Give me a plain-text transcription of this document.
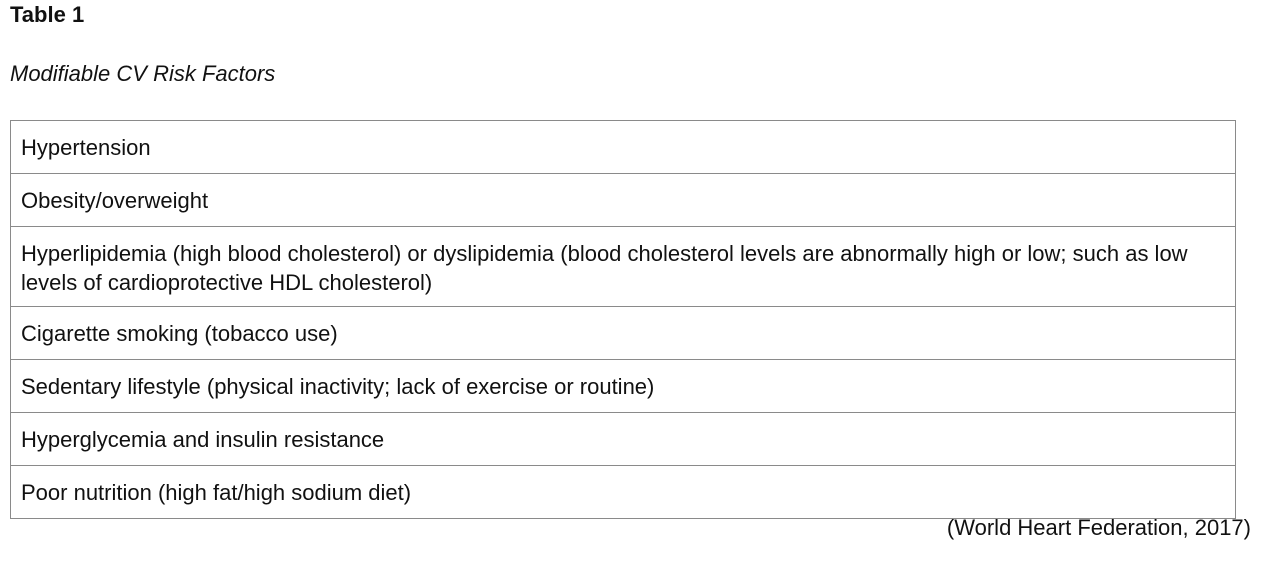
Table 1
Modifiable CV Risk Factors
Hypertension
Obesity/overweight
Hyperlipidemia (high blood cholesterol) or dyslipidemia (blood cholesterol levels are abnormally high or low; such as low levels of cardioprotective HDL cholesterol)
Cigarette smoking (tobacco use)
Sedentary lifestyle (physical inactivity; lack of exercise or routine)
Hyperglycemia and insulin resistance
Poor nutrition (high fat/high sodium diet)
(World Heart Federation, 2017)
